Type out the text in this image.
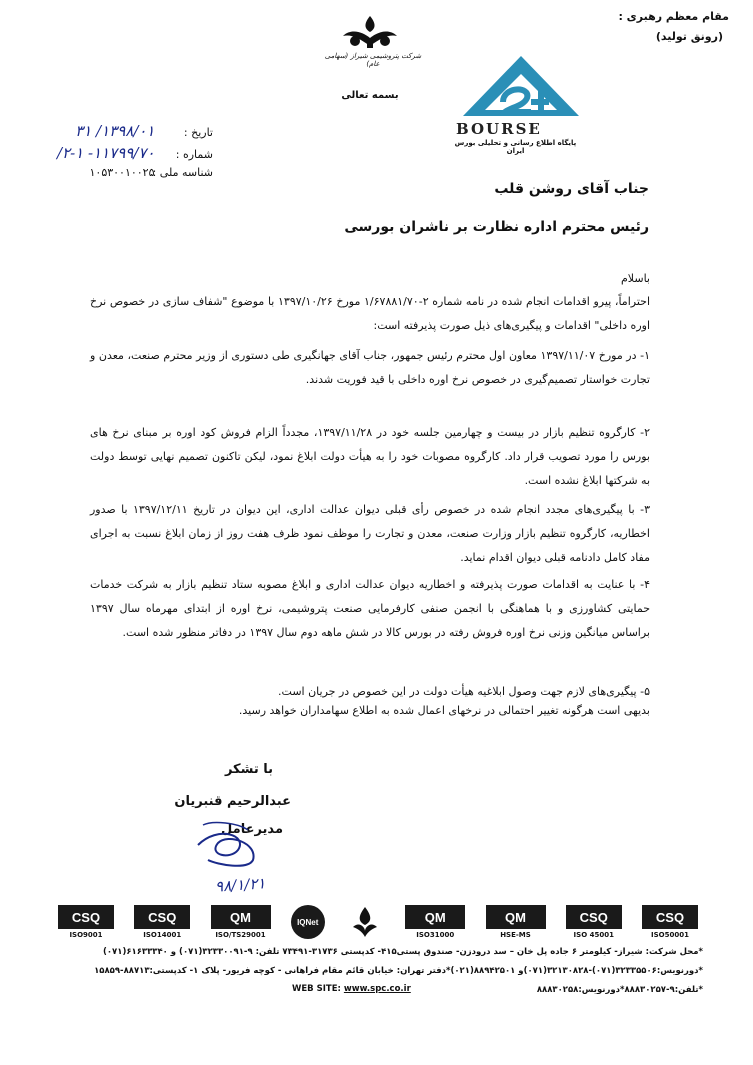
مقام معظم رهبری :
(رونق تولید)
شرکت پتروشیمی شیراز (سهامی عام)
بسمه تعالی
BOURSE
پایگاه اطلاع رسانی و تحلیلی بورس ایران
تاریخ : ۱۳۹۸/۰۱/ ۳۱
شماره : ۱۱۷۹۹/۷۰- ۲-۱/
شناسه ملی : ۱۰۵۳۰۰۱۰۰۲۵
جناب آقای روشن قلب
رئیس محترم اداره نظارت بر ناشران بورسی
باسلام
احتراماً، پیرو اقدامات انجام شده در نامه شماره ۲-۱/۶۷۸۸۱/۷۰ مورخ ۱۳۹۷/۱۰/۲۶ با موضوع "شفاف سازی در خصوص نرخ اوره داخلی" اقدامات و پیگیری‌های ذیل صورت پذیرفته است:
۱- در مورخ ۱۳۹۷/۱۱/۰۷ معاون اول محترم رئیس جمهور، جناب آقای جهانگیری طی دستوری از وزیر محترم صنعت، معدن و تجارت خواستار تصمیم‌گیری در خصوص نرخ اوره داخلی با قید فوریت شدند.
۲- کارگروه تنظیم بازار در بیست و چهارمین جلسه خود در ۱۳۹۷/۱۱/۲۸، مجدداً الزام فروش کود اوره بر مبنای نرخ های بورس را مورد تصویب قرار داد. کارگروه مصوبات خود را به هیأت دولت ابلاغ نمود، لیکن تاکنون تصمیم نهایی توسط دولت به شرکتها ابلاغ نشده است.
۳- با پیگیری‌های مجدد انجام شده در خصوص رأی قبلی دیوان عدالت اداری، این دیوان در تاریخ ۱۳۹۷/۱۲/۱۱ با صدور اخطاریه، کارگروه تنظیم بازار وزارت صنعت، معدن و تجارت را موظف نمود ظرف هفت روز از زمان ابلاغ نسبت به اجرای مفاد کامل دادنامه قبلی دیوان اقدام نماید.
۴- با عنایت به اقدامات صورت پذیرفته و اخطاریه دیوان عدالت اداری و ابلاغ مصوبه ستاد تنظیم بازار به شرکت خدمات حمایتی کشاورزی و با هماهنگی با انجمن صنفی کارفرمایی صنعت پتروشیمی، نرخ اوره از ابتدای مهرماه سال ۱۳۹۷ براساس میانگین وزنی نرخ اوره فروش رفته در بورس کالا در شش ماهه دوم سال ۱۳۹۷ در دفاتر منظور شده است.
۵- پیگیری‌های لازم جهت وصول ابلاغیه هیأت دولت در این خصوص در جریان است.
بدیهی است هرگونه تغییر احتمالی در نرخهای اعمال شده به اطلاع سهامداران خواهد رسید.
با تشکر
عبدالرحیم قنبریان
مدیرعامل
۹۸/۱/۲۱
CSQ
ISO9001
CSQ
ISO14001
QM
ISO/TS29001
IQNet	QM
ISO31000
QM
HSE-MS
CSQ
ISO 45001
CSQ
ISO50001
*محل شرکت: شیراز- کیلومتر ۶ جاده پل خان – سد درودزن- صندوق پستی۴۱۵- کدپستی ۳۱۷۳۶-۷۳۴۹۱ تلفن: ۹-۳۲۳۳۰۰۹۱(۰۷۱) و ۶۱۶۳۳۳۴۰(۰۷۱)
*دورنویس:۳۲۳۳۵۵۰۶(۰۷۱)-۳۲۱۳۰۸۲۸(۰۷۱)و ۸۸۹۴۲۵۰۱(۰۲۱)*دفتر تهران: خیابان قائم مقام فراهانی - کوچه فریور- پلاک ۱- کدپستی:۸۸۷۱۳-۱۵۸۵۹
WEB SITE: www.spc.co.ir	*تلفن:۹-۸۸۸۳۰۲۵۷*دورنویس:۸۸۸۳۰۲۵۸
